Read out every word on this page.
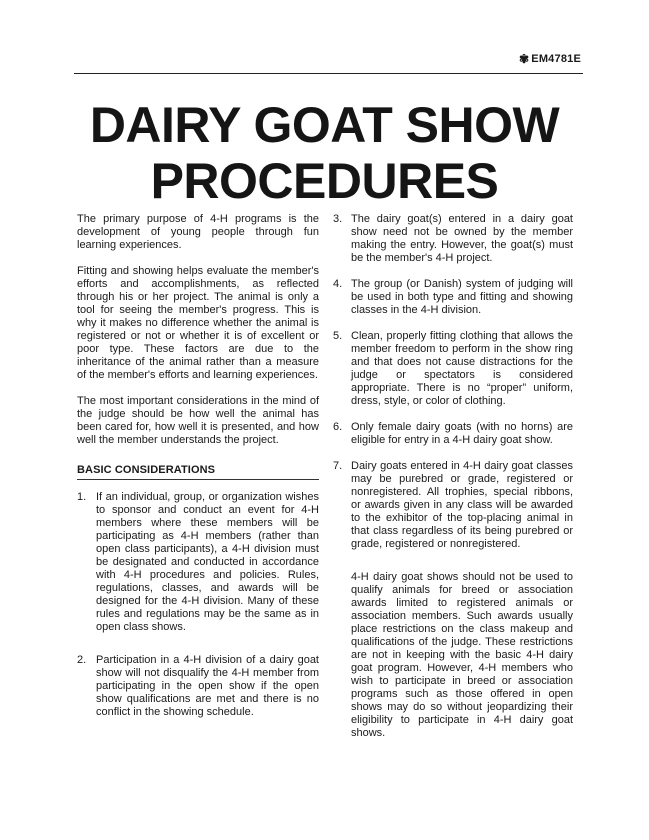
✾ EM4781E
DAIRY GOAT SHOW
PROCEDURES

The primary purpose of 4-H programs is the development of young people through fun learning experiences.

Fitting and showing helps evaluate the member's efforts and accomplishments, as reflected through his or her project. The animal is only a tool for seeing the member's progress. This is why it makes no difference whether the animal is registered or not or whether it is of excellent or poor type. These factors are due to the inheritance of the animal rather than a measure of the member's efforts and learning experiences.

The most important considerations in the mind of the judge should be how well the animal has been cared for, how well it is presented, and how well the member understands the project.

BASIC CONSIDERATIONS
1. If an individual, group, or organization wishes to sponsor and conduct an event for 4-H members where these members will be participating as 4-H members (rather than open class participants), a 4-H division must be designated and conducted in accordance with 4-H procedures and policies. Rules, regulations, classes, and awards will be designed for the 4-H division. Many of these rules and regulations may be the same as in open class shows.
2. Participation in a 4-H division of a dairy goat show will not disqualify the 4-H member from participating in the open show if the open show qualifications are met and there is no conflict in the showing schedule.
3. The dairy goat(s) entered in a dairy goat show need not be owned by the member making the entry. However, the goat(s) must be the member's 4-H project.
4. The group (or Danish) system of judging will be used in both type and fitting and showing classes in the 4-H division.
5. Clean, properly fitting clothing that allows the member freedom to perform in the show ring and that does not cause distractions for the judge or spectators is considered appropriate. There is no “proper” uniform, dress, style, or color of clothing.
6. Only female dairy goats (with no horns) are eligible for entry in a 4-H dairy goat show.
7. Dairy goats entered in 4-H dairy goat classes may be purebred or grade, registered or nonregistered. All trophies, special ribbons, or awards given in any class will be awarded to the exhibitor of the top-placing animal in that class regardless of its being purebred or grade, registered or nonregistered.

4-H dairy goat shows should not be used to qualify animals for breed or association awards limited to registered animals or association members. Such awards usually place restrictions on the class makeup and qualifications of the judge. These restrictions are not in keeping with the basic 4-H dairy goat program. However, 4-H members who wish to participate in breed or association programs such as those offered in open shows may do so without jeopardizing their eligibility to participate in 4-H dairy goat shows.
